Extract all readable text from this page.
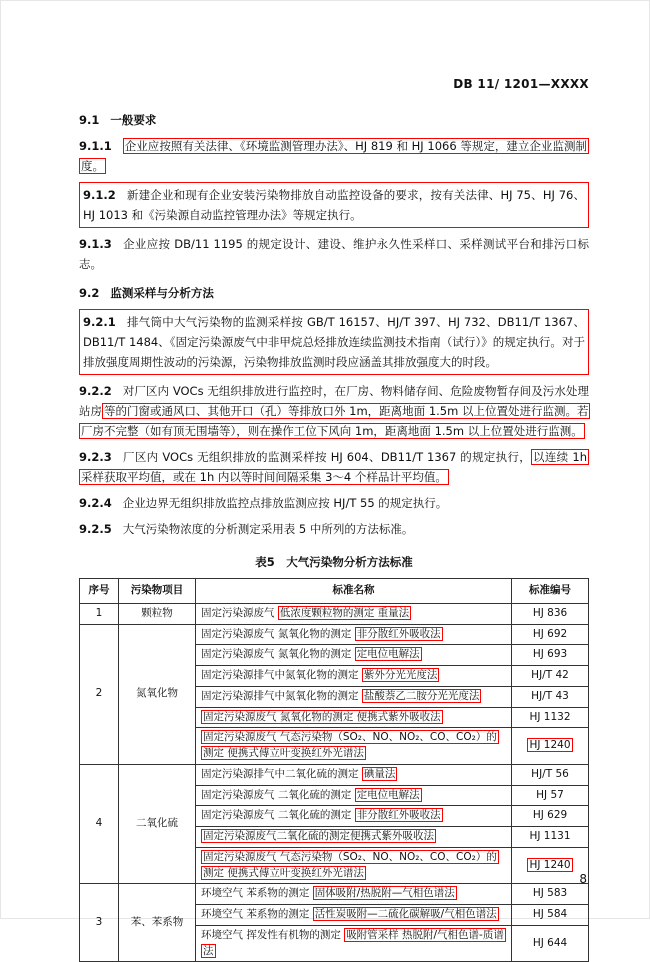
DB 11/ 1201—XXXX

9.1 一般要求

9.1.1 企业应按照有关法律、《环境监测管理办法》、HJ 819 和 HJ 1066 等规定，建立企业监测制度。

9.1.2 新建企业和现有企业安装污染物排放自动监控设备的要求，按有关法律、HJ 75、HJ 76、HJ 1013 和《污染源自动监控管理办法》等规定执行。

9.1.3 企业应按 DB/11 1195 的规定设计、建设、维护永久性采样口、采样测试平台和排污口标志。

9.2 监测采样与分析方法

9.2.1 排气筒中大气污染物的监测采样按 GB/T 16157、HJ/T 397、HJ 732、DB11/T 1367、DB11/T 1484、《固定污染源废气中非甲烷总烃排放连续监测技术指南（试行）》的规定执行。对于排放强度周期性波动的污染源，污染物排放监测时段应涵盖其排放强度大的时段。

9.2.2 对厂区内 VOCs 无组织排放进行监控时，在厂房、物料储存间、危险废物暂存间及污水处理站房 等的门窗或通风口、其他开口（孔）等排放口外 1m，距离地面 1.5m 以上位置处进行监测。若厂房不完整（如有顶无围墙等），则在操作工位下风向 1m，距离地面 1.5m 以上位置处进行监测。

9.2.3 厂区内 VOCs 无组织排放的监测采样按 HJ 604、DB11/T 1367 的规定执行， 以连续 1h 采样获取平均值，或在 1h 内以等时间间隔采集 3～4 个样品计平均值。

9.2.4 企业边界无组织排放监控点排放监测应按 HJ/T 55 的规定执行。

9.2.5 大气污染物浓度的分析测定采用表 5 中所列的方法标准。

表5　大气污染物分析方法标准

序号	污染物项目	标准名称	标准编号
1	颗粒物	固定污染源废气 低浓度颗粒物的测定 重量法	HJ 836
2	氮氧化物	固定污染源废气 氮氧化物的测定 非分散红外吸收法	HJ 692
		固定污染源废气 氮氧化物的测定 定电位电解法	HJ 693
		固定污染源排气中氮氧化物的测定 紫外分光光度法	HJ/T 42
		固定污染源排气中氮氧化物的测定 盐酸萘乙二胺分光光度法	HJ/T 43
		固定污染源废气 氮氧化物的测定 便携式紫外吸收法	HJ 1132
		固定污染源废气 气态污染物（SO₂、NO、NO₂、CO、CO₂）的测定 便携式傅立叶变换红外光谱法	HJ 1240
4	二氧化硫	固定污染源排气中二氧化硫的测定 碘量法	HJ/T 56
		固定污染源废气 二氧化硫的测定 定电位电解法	HJ 57
		固定污染源废气 二氧化硫的测定 非分散红外吸收法	HJ 629
		固定污染源废气二氧化硫的测定便携式紫外吸收法	HJ 1131
		固定污染源废气 气态污染物（SO₂、NO、NO₂、CO、CO₂）的测定 便携式傅立叶变换红外光谱法	HJ 1240
3	苯、苯系物	环境空气 苯系物的测定 固体吸附/热脱附—气相色谱法	HJ 583
		环境空气 苯系物的测定 活性炭吸附—二硫化碳解吸/气相色谱法	HJ 584
		环境空气 挥发性有机物的测定 吸附管采样 热脱附/气相色谱-质谱法	HJ 644
8
